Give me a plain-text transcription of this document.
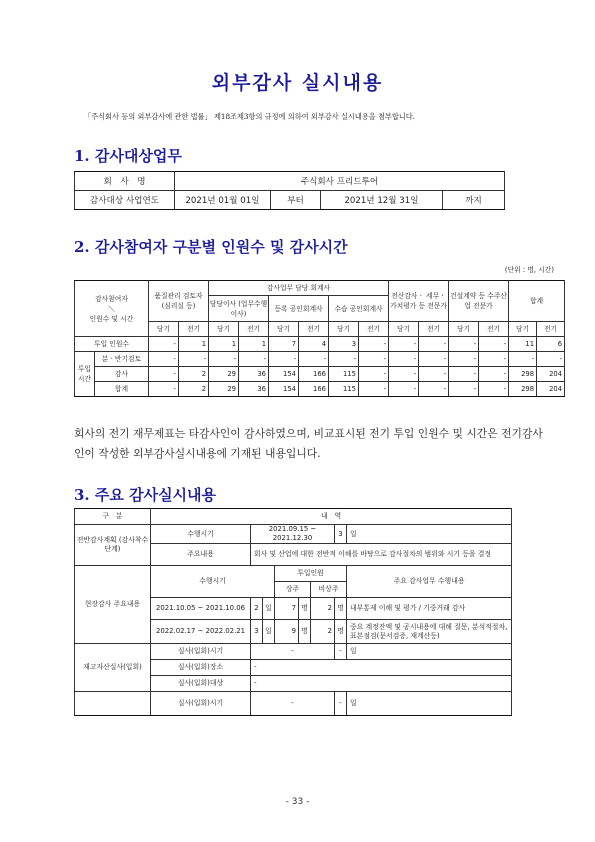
외부감사 실시내용
「주식회사 등의 외부감사에 관한 법률」 제18조제3항의 규정에 의하여 외부감사 실시내용을 첨부합니다.
1. 감사대상업무
회　사　명	주식회사 프리드투어			
감사대상 사업연도	2021년 01월 01일	부터	2021년 12월 31일	까지
2. 감사참여자 구분별 인원수 및 감사시간
(단위 : 명, 시간)
감사참여자
＼
인원수 및 시간		품질관리 검토자 (심리실 등)		감사업무 담당 회계사						전산감사ㆍ 세무ㆍ가치평가 등 전문가		건설계약 등 수주산업 전문가		합계	
				담당이사 (업무수행이사)		등록 공인회계사		수습 공인회계사							
		당기	전기	당기	전기	당기	전기	당기	전기	당기	전기	당기	전기	당기	전기
투입 인원수		-	1	1	1	7	4	3	-	-	-	-	-	11	6
투입 시간	분ㆍ반기검토	-	-	-	-	-	-	-	-	-	-	-	-	-	-
	감사	-	2	29	36	154	166	115	-	-	-	-	-	298	204
	합계	-	2	29	36	154	166	115	-	-	-	-	-	298	204
회사의 전기 재무제표는 타감사인이 감사하였으며, 비교표시된 전기 투입 인원수 및 시간은 전기감사인이 작성한 외부감사실시내용에 기재된 내용입니다.
3. 주요 감사실시내용
구　분	내　역							
전반감사계획 (감사착수단계)	수행시기	2021.09.15 ~ 2021.12.30					3	일
	주요내용	회사 및 산업에 대한 전반적 이해를 바탕으로 감사절차의 범위와 시기 등을 결정						
현장감사 주요내용	수행시기			투입인원				주요 감사업무 수행내용
				상주		비상주		
	2021.10.05 ~ 2021.10.06	2	일	7	명	2	명	내부통제 이해 및 평가 / 기중거래 감사
	2022.02.17 ~ 2022.02.21	3	일	9	명	2	명	중요 계정잔액 및 공시내용에 대해 질문, 분석적절차, 표본점검(문서검증, 재계산등)
재고자산실사(입회)	실사(입회)시기	-					-	일
	실사(입회)장소	-						
	실사(입회)대상	-						
	실사(입회)시기	-					-	일
- 33 -
